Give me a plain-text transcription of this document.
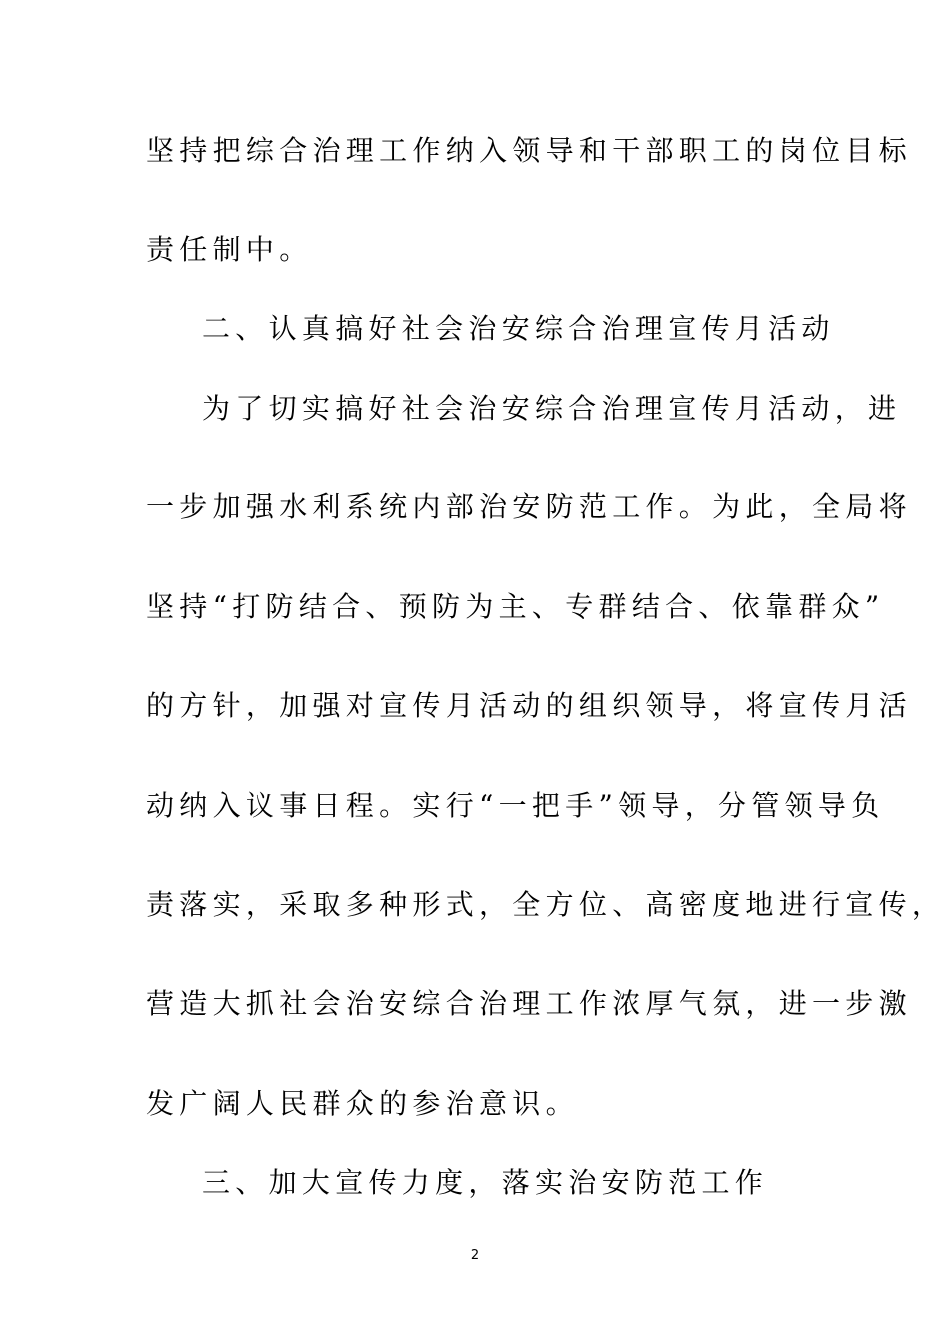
坚持把综合治理工作纳入领导和干部职工的岗位目标
责任制中。
二、认真搞好社会治安综合治理宣传月活动
为了切实搞好社会治安综合治理宣传月活动，进
一步加强水利系统内部治安防范工作。为此，全局将
坚持“打防结合、预防为主、专群结合、依靠群众”
的方针，加强对宣传月活动的组织领导，将宣传月活
动纳入议事日程。实行“一把手”领导，分管领导负
责落实，采取多种形式，全方位、高密度地进行宣传，
营造大抓社会治安综合治理工作浓厚气氛，进一步激
发广阔人民群众的参治意识。
三、加大宣传力度，落实治安防范工作
2
